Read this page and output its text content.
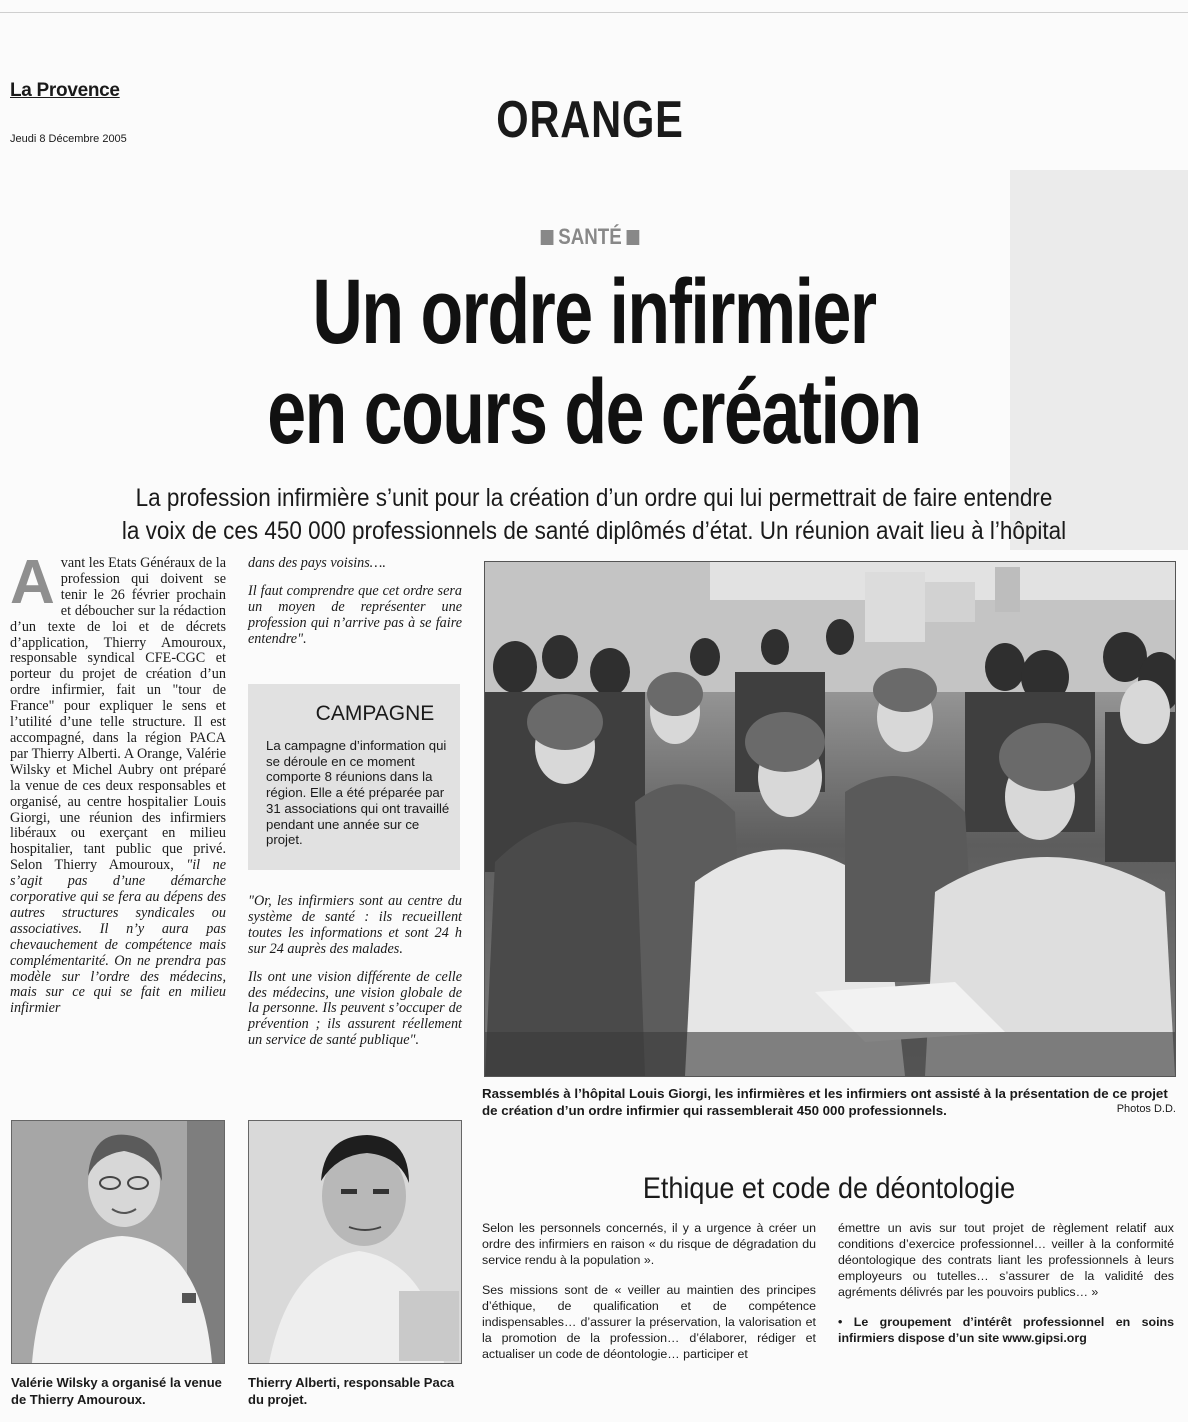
La Provence
Jeudi 8 Décembre 2005	ORANGE
SANTÉ
Un ordre infirmier
en cours de création
La profession infirmière s’unit pour la création d’un ordre qui lui permettrait de faire entendre
la voix de ces 450 000 professionnels de santé diplômés d’état. Un réunion avait lieu à l’hôpital
Avant les Etats Généraux de la profession qui doivent se tenir le 26 février prochain et déboucher sur la rédaction d’un texte de loi et de décrets d’application, Thierry Amouroux, responsable syndical CFE-CGC et porteur du projet de création d’un ordre infirmier, fait un "tour de France" pour expliquer le sens et l’utilité d’une telle structure. Il est accompagné, dans la région PACA par Thierry Alberti. A Orange, Valérie Wilsky et Michel Aubry ont préparé la venue de ces deux responsables et organisé, au centre hospitalier Louis Giorgi, une réunion des infirmiers libéraux ou exerçant en milieu hospitalier, tant public que privé. Selon Thierry Amouroux, "il ne s’agit pas d’une démarche corporative qui se fera au dépens des autres structures syndicales ou associatives. Il n’y aura pas chevauchement de compétence mais complémentarité. On ne prendra pas modèle sur l’ordre des médecins, mais sur ce qui se fait en milieu infirmier

dans des pays voisins….

Il faut comprendre que cet ordre sera un moyen de représenter une profession qui n’arrive pas à se faire entendre".

CAMPAGNE
La campagne d’information qui se déroule en ce moment comporte 8 réunions dans la région. Elle a été préparée par 31 associations qui ont travaillé pendant une année sur ce projet.

"Or, les infirmiers sont au centre du système de santé : ils recueillent toutes les informations et sont 24 h sur 24 auprès des malades.

Ils ont une vision différente de celle des médecins, une vision globale de la personne. Ils peuvent s’occuper de prévention ; ils assurent réellement un service de santé publique".

Rassemblés à l’hôpital Louis Giorgi, les infirmières et les infirmiers ont assisté à la présentation de ce projet de création d’un ordre infirmier qui rassemblerait 450 000 professionnels.	Photos D.D.
Valérie Wilsky a organisé la venue de Thierry Amouroux.
Thierry Alberti, responsable Paca du projet.
Ethique et code de déontologie

Selon les personnels concernés, il y a urgence à créer un ordre des infirmiers en raison « du risque de dégradation du service rendu à la population ».

Ses missions sont de « veiller au maintien des principes d’éthique, de qualification et de compétence indispensables… d’assurer la préservation, la valorisation et la promotion de la profession… d’élaborer, rédiger et actualiser un code de déontologie… participer et

émettre un avis sur tout projet de règlement relatif aux conditions d’exercice professionnel… veiller à la conformité déontologique des contrats liant les professionnels à leurs employeurs ou tutelles… s’assurer de la validité des agréments délivrés par les pouvoirs publics… »

• Le groupement d’intérêt professionnel en soins infirmiers dispose d’un site www.gipsi.org
